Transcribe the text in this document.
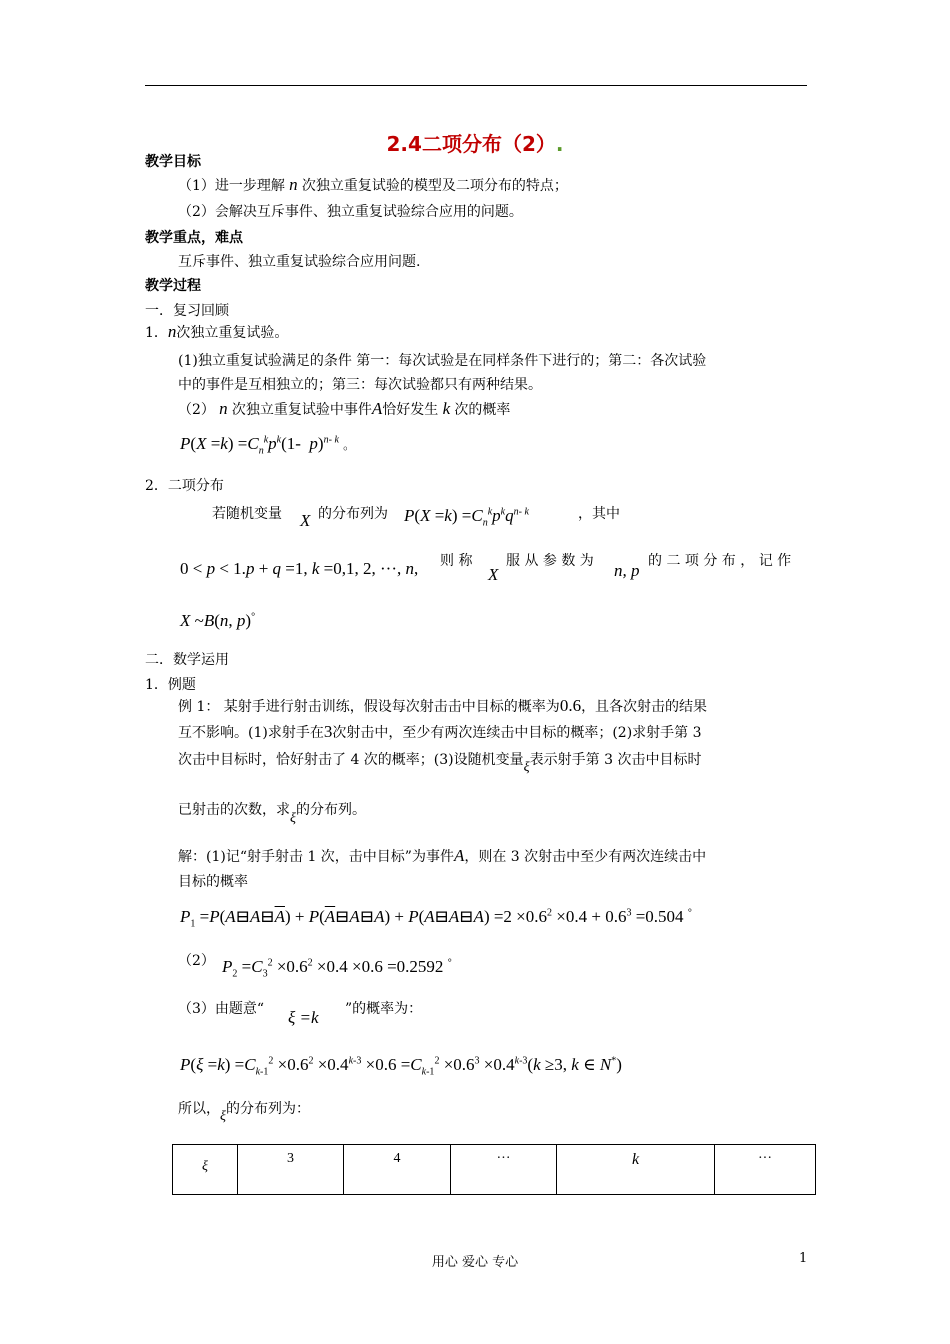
2.4二项分布（2）.
教学目标
（1）进一步理解 n 次独立重复试验的模型及二项分布的特点；
（2）会解决互斥事件、独立重复试验综合应用的问题。
教学重点，难点
互斥事件、独立重复试验综合应用问题.
教学过程
一．复习回顾
1．n次独立重复试验。
(1)独立重复试验满足的条件 第一：每次试验是在同样条件下进行的；第二：各次试验
中的事件是互相独立的；第三：每次试验都只有两种结果。
（2） n 次独立重复试验中事件A恰好发生 k 次的概率
$P(X =k) =C_n^kp^k(1-$  p)$^{n- k}$ 。
2．二项分布
若随机变量 X 的分布列为 $P(X =k) =C_n^kp^kq^{n- k}$	，其中
0 < p < 1.p + q =1, k =0,1, 2, ···, n, 则 称
X
服 从 参 数 为 n, p 的 二 项 分 布 ， 记 作
X ~B(n, p)°
二．数学运用
1．例题
例 1： 某射手进行射击训练，假设每次射击击中目标的概率为0.6，且各次射击的结果
互不影响。(1)求射手在3次射击中，至少有两次连续击中目标的概率；(2)求射手第 3
次击中目标时，恰好射击了 4 次的概率；(3)设随机变量ξ表示射手第 3 次击中目标时
已射击的次数，求ξ的分布列。
解：(1)记“射手射击 1 次，击中目标”为事件A，则在 3 次射击中至少有两次连续击中
目标的概率
$P_1$ $=P(A⊟A⊟\overline{A})$ + $P(\overline{A}⊟A⊟A)$ + P(A⊟A⊟A) $=2 \times 0.6^2 \times 0.4 + 0.6^3 =0.504$ °
（2） $P_2 =C_3^2 \times 0.6^2 \times 0.4 \times 0.6 =0.2592$ °
（3）由题意“ ξ =k ”的概率为：
$P(\xi =k) =C_{k-1}^2 \times 0.6^2 \times 0.4^{k-3} \times 0.6 =C_{k-1}^2 \times 0.6^3 \times 0.4^{k-3}(k \ge 3$, k ∈ N*)
所以，ξ的分布列为：
ξ	3	4	···	k	···
用心 爱心 专心	1
